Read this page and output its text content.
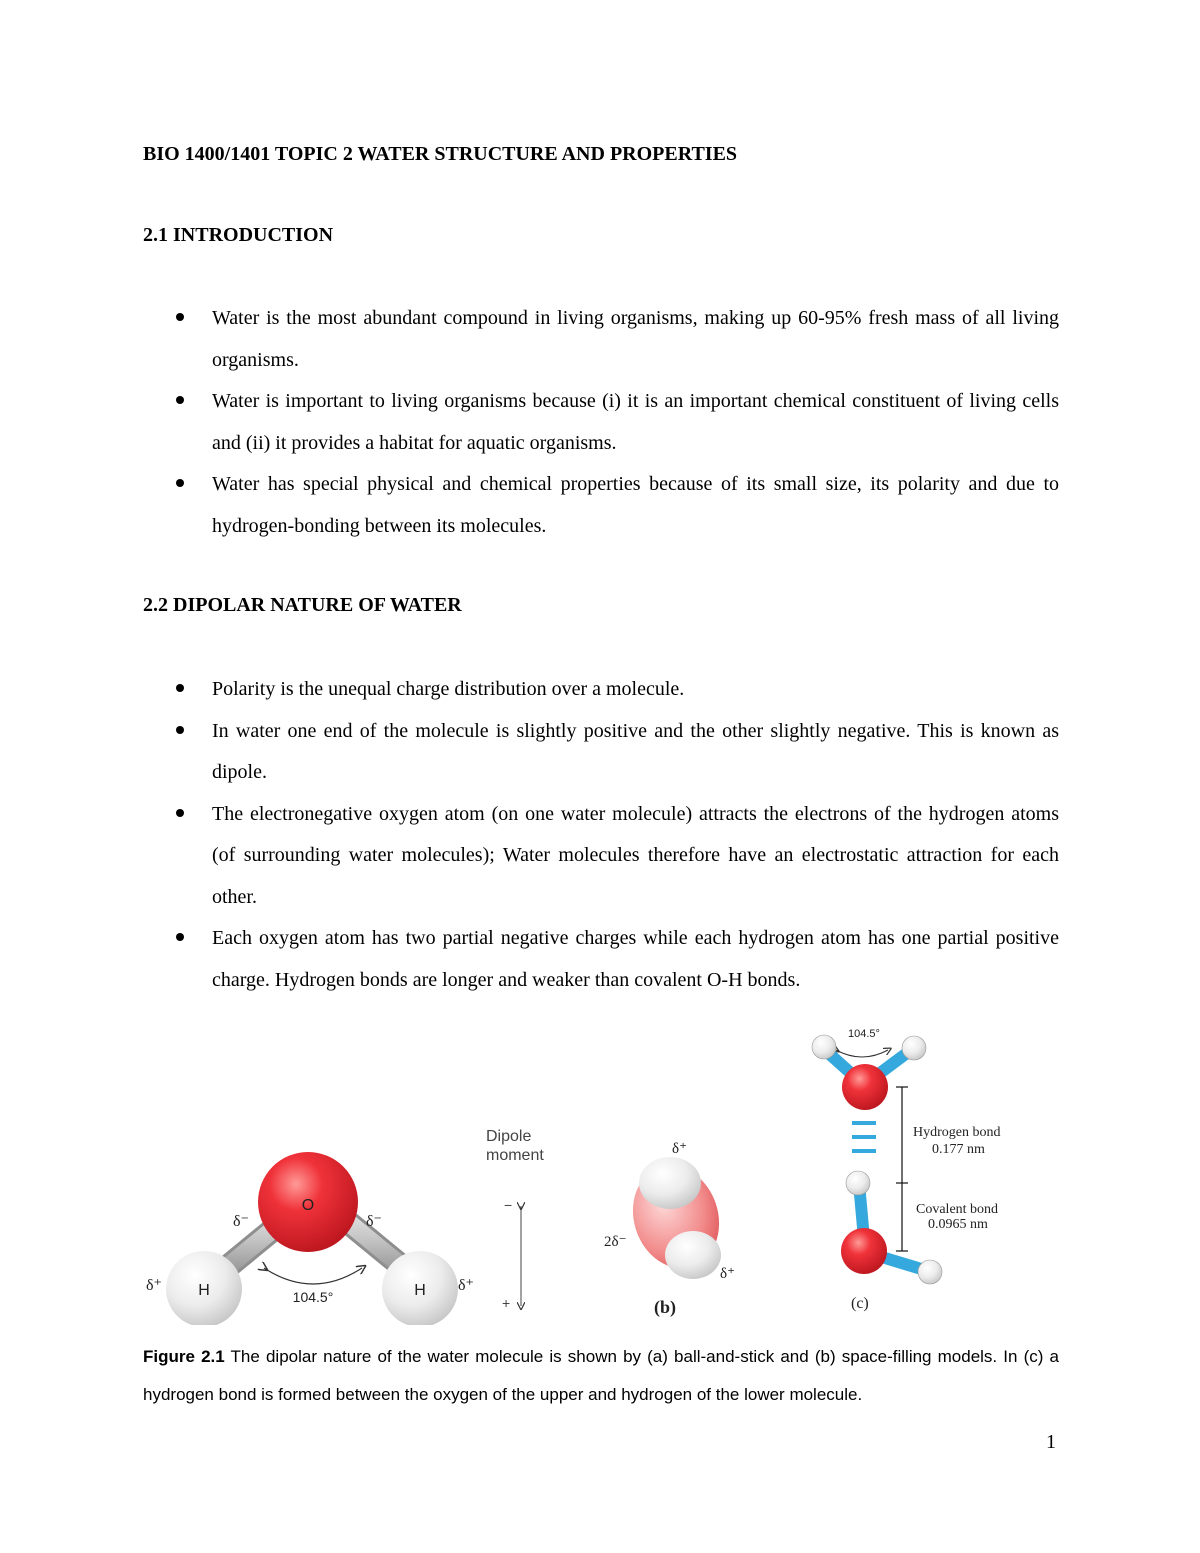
BIO 1400/1401 TOPIC 2 WATER STRUCTURE AND PROPERTIES
2.1 INTRODUCTION
Water is the most abundant compound in living organisms, making up 60-95% fresh mass of all living organisms.
Water is important to living organisms because (i) it is an important chemical constituent of living cells and (ii) it provides a habitat for aquatic organisms.
Water has special physical and chemical properties because of its small size, its polarity and due to hydrogen-bonding between its molecules.
2.2 DIPOLAR NATURE OF WATER
Polarity is the unequal charge distribution over a molecule.
In water one end of the molecule is slightly positive and the other slightly negative. This is known as dipole.
The electronegative oxygen atom (on one water molecule) attracts the electrons of the hydrogen atoms (of surrounding water molecules); Water molecules therefore have an electrostatic attraction for each other.
Each oxygen atom has two partial negative charges while each hydrogen atom has one partial positive charge. Hydrogen bonds are longer and weaker than covalent O-H bonds.
O
H	H
δ⁻	δ⁻
δ⁺	δ⁺
104.5°
Dipole
moment
−
+
δ⁺
2δ⁻
δ⁺
(b)
104.5°
Hydrogen bond
0.177 nm
Covalent bond
0.0965 nm
(c)
Figure 2.1 The dipolar nature of the water molecule is shown by (a) ball-and-stick and (b) space-filling models. In (c) a hydrogen bond is formed between the oxygen of the upper and hydrogen of the lower molecule.
1
